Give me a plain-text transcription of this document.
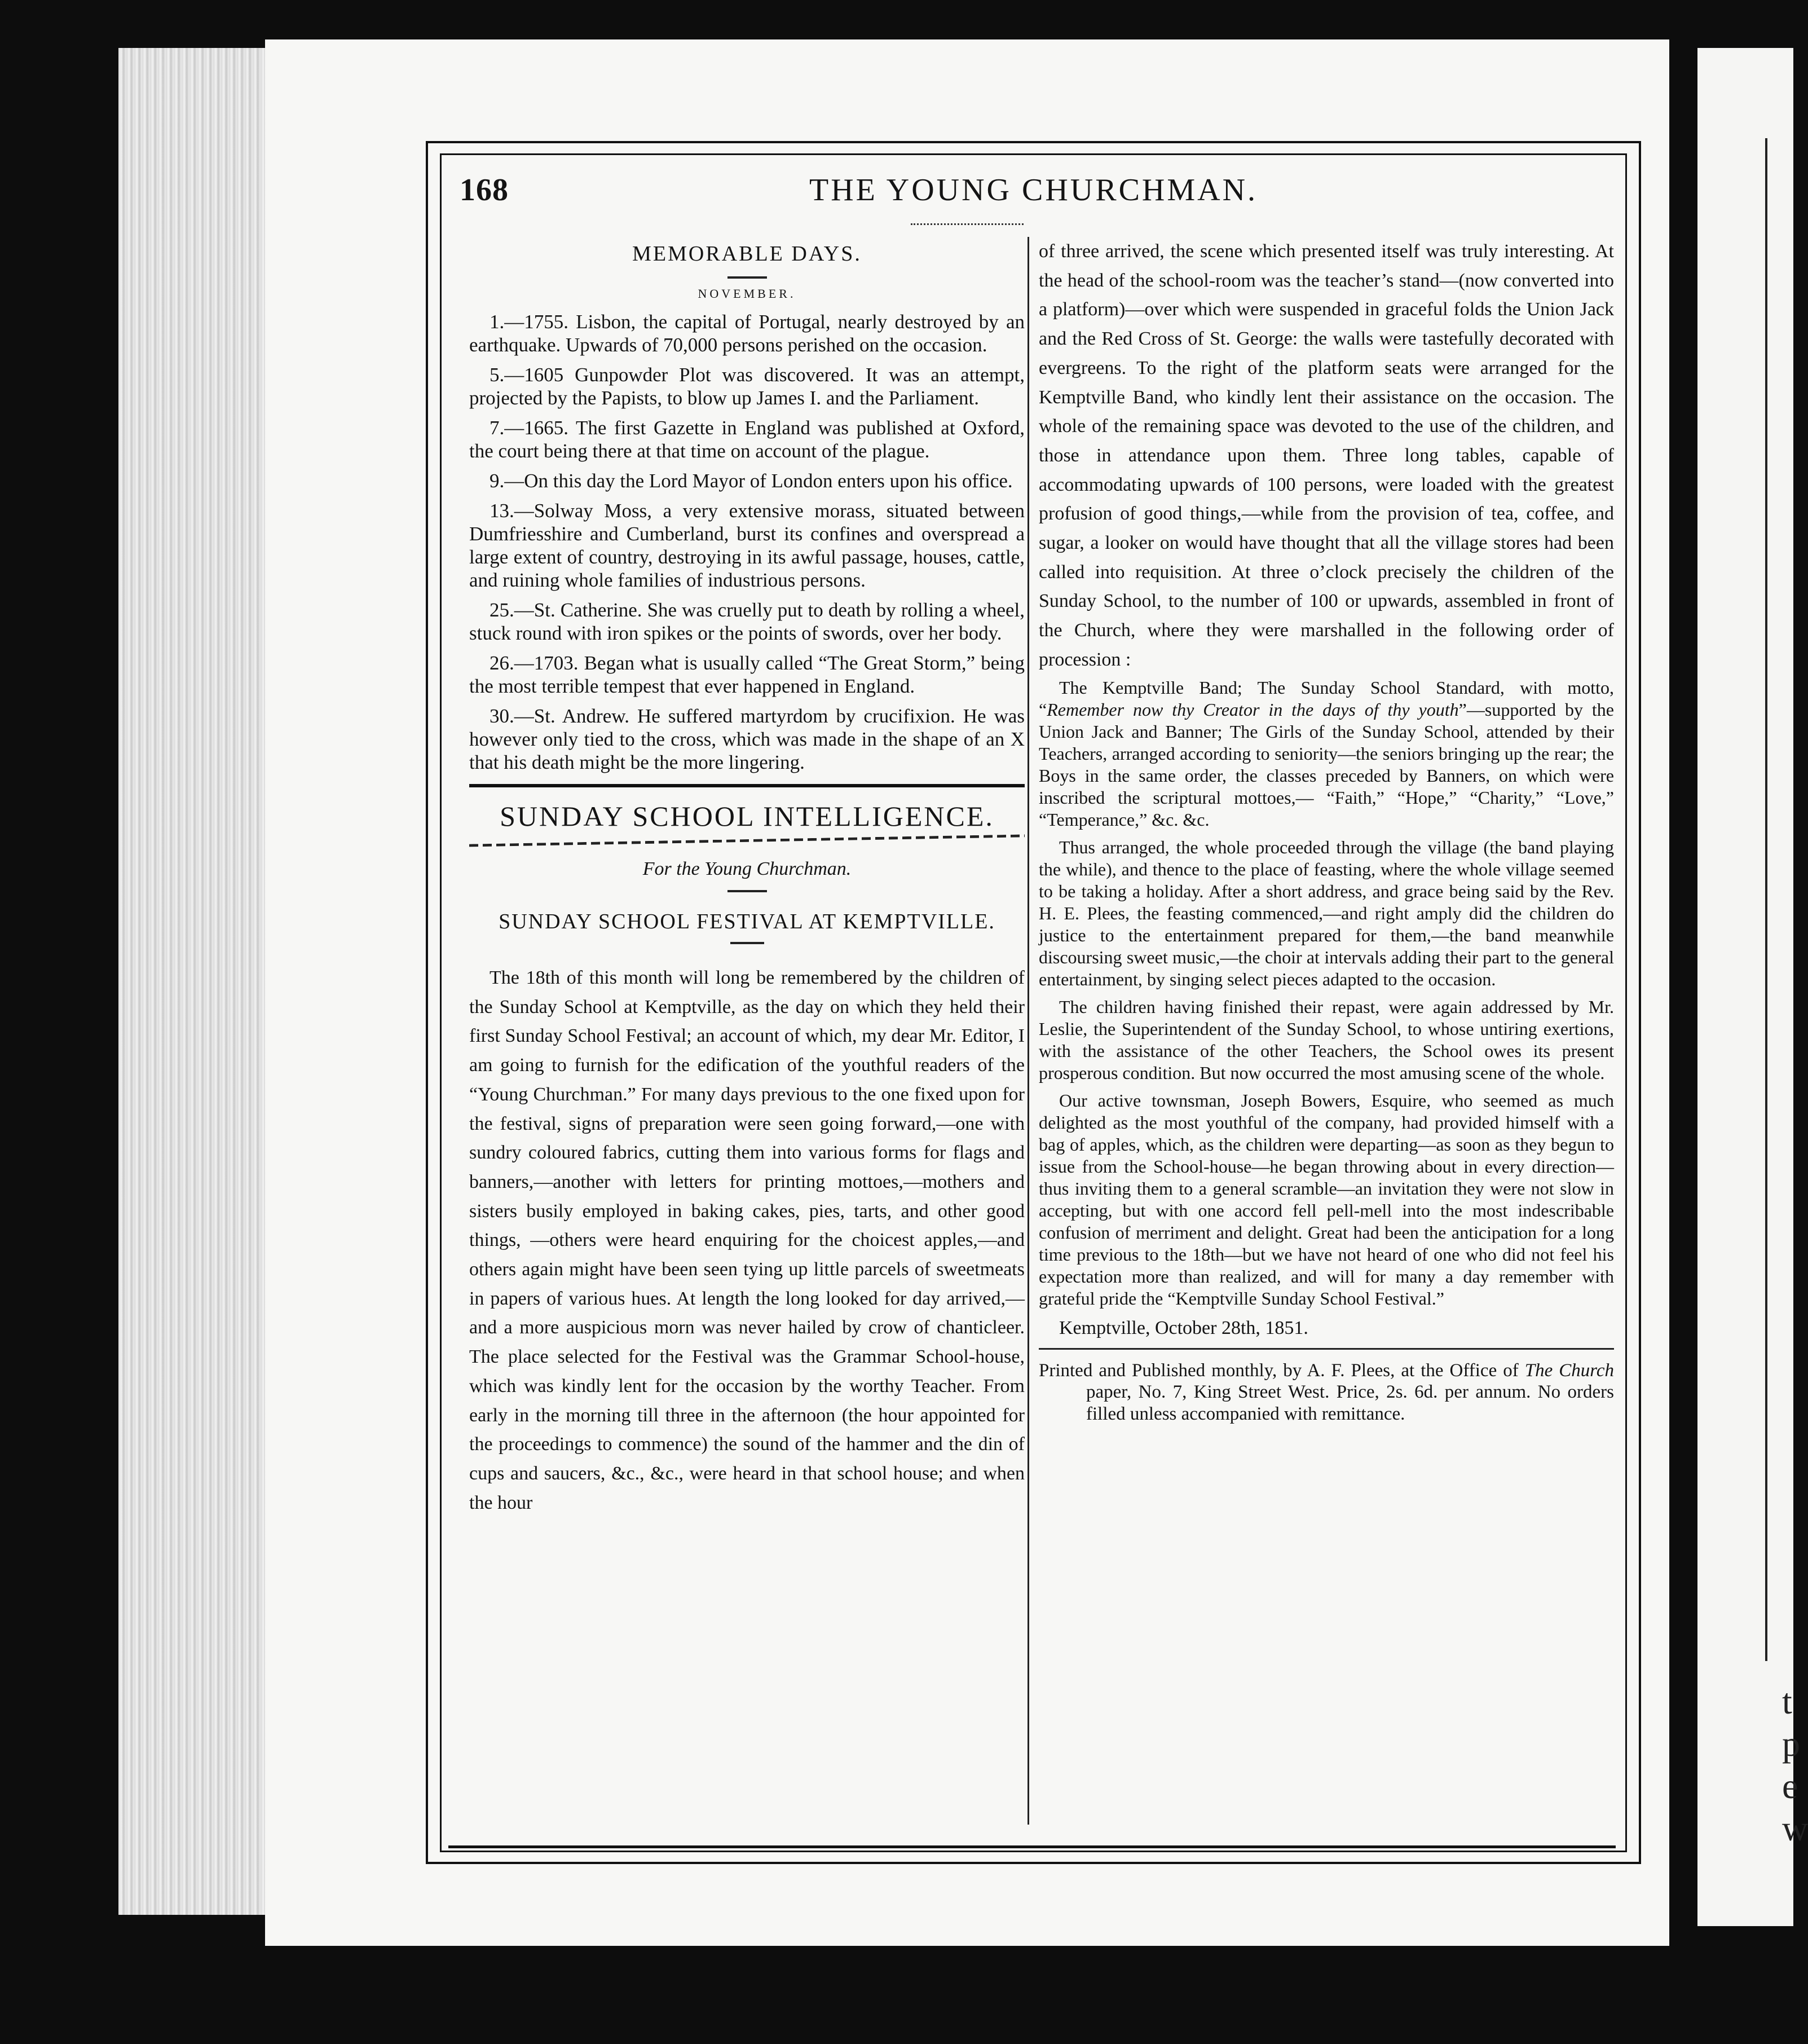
t
p
e
w
168	THE YOUNG CHURCHMAN.
MEMORABLE DAYS.
NOVEMBER.

1.—1755. Lisbon, the capital of Portugal, nearly destroyed by an earthquake. Upwards of 70,000 persons perished on the occasion.

5.—1605 Gunpowder Plot was discovered. It was an attempt, projected by the Papists, to blow up James I. and the Parliament.

7.—1665. The first Gazette in England was published at Oxford, the court being there at that time on account of the plague.

9.—On this day the Lord Mayor of London enters upon his office.

13.—Solway Moss, a very extensive morass, situated between Dumfriesshire and Cumberland, burst its confines and overspread a large extent of country, destroying in its awful passage, houses, cattle, and ruining whole families of industrious persons.

25.—St. Catherine. She was cruelly put to death by rolling a wheel, stuck round with iron spikes or the points of swords, over her body.

26.—1703. Began what is usually called “The Great Storm,” being the most terrible tempest that ever happened in England.

30.—St. Andrew. He suffered martyrdom by crucifixion. He was however only tied to the cross, which was made in the shape of an X that his death might be the more lingering.

SUNDAY SCHOOL INTELLIGENCE.
For the Young Churchman.
SUNDAY SCHOOL FESTIVAL AT KEMPTVILLE.

The 18th of this month will long be remembered by the children of the Sunday School at Kemptville, as the day on which they held their first Sunday School Festival; an account of which, my dear Mr. Editor, I am going to furnish for the edification of the youthful readers of the “Young Churchman.” For many days previous to the one fixed upon for the festival, signs of preparation were seen going forward,—one with sundry coloured fabrics, cutting them into various forms for flags and banners,—another with letters for printing mottoes,—mothers and sisters busily employed in baking cakes, pies, tarts, and other good things, —others were heard enquiring for the choicest apples,—and others again might have been seen tying up little parcels of sweetmeats in papers of various hues. At length the long looked for day arrived,—and a more auspicious morn was never hailed by crow of chanticleer. The place selected for the Festival was the Grammar School-house, which was kindly lent for the occasion by the worthy Teacher. From early in the morning till three in the afternoon (the hour appointed for the proceedings to commence) the sound of the hammer and the din of cups and saucers, &c., &c., were heard in that school house; and when the hour

of three arrived, the scene which presented itself was truly interesting. At the head of the school-room was the teacher’s stand—(now converted into a platform)—over which were suspended in graceful folds the Union Jack and the Red Cross of St. George: the walls were tastefully decorated with evergreens. To the right of the platform seats were arranged for the Kemptville Band, who kindly lent their assistance on the occasion. The whole of the remaining space was devoted to the use of the children, and those in attendance upon them. Three long tables, capable of accommodating upwards of 100 persons, were loaded with the greatest profusion of good things,—while from the provision of tea, coffee, and sugar, a looker on would have thought that all the village stores had been called into requisition. At three o’clock precisely the children of the Sunday School, to the number of 100 or upwards, assembled in front of the Church, where they were marshalled in the following order of procession :

The Kemptville Band; The Sunday School Standard, with motto, “Remember now thy Creator in the days of thy youth”—supported by the Union Jack and Banner; The Girls of the Sunday School, attended by their Teachers, arranged according to seniority—the seniors bringing up the rear; the Boys in the same order, the classes preceded by Banners, on which were inscribed the scriptural mottoes,— “Faith,” “Hope,” “Charity,” “Love,” “Temperance,” &c. &c.

Thus arranged, the whole proceeded through the village (the band playing the while), and thence to the place of feasting, where the whole village seemed to be taking a holiday. After a short address, and grace being said by the Rev. H. E. Plees, the feasting commenced,—and right amply did the children do justice to the entertainment prepared for them,—the band meanwhile discoursing sweet music,—the choir at intervals adding their part to the general entertainment, by singing select pieces adapted to the occasion.

The children having finished their repast, were again addressed by Mr. Leslie, the Superintendent of the Sunday School, to whose untiring exertions, with the assistance of the other Teachers, the School owes its present prosperous condition. But now occurred the most amusing scene of the whole.

Our active townsman, Joseph Bowers, Esquire, who seemed as much delighted as the most youthful of the company, had provided himself with a bag of apples, which, as the children were departing—as soon as they begun to issue from the School-house—he began throwing about in every direction—thus inviting them to a general scramble—an invitation they were not slow in accepting, but with one accord fell pell-mell into the most indescribable confusion of merriment and delight. Great had been the anticipation for a long time previous to the 18th—but we have not heard of one who did not feel his expectation more than realized, and will for many a day remember with grateful pride the “Kemptville Sunday School Festival.”

Kemptville, October 28th, 1851.

Printed and Published monthly, by A. F. Plees, at the Office of The Church paper, No. 7, King Street West. Price, 2s. 6d. per annum. No orders filled unless accompanied with remittance.
